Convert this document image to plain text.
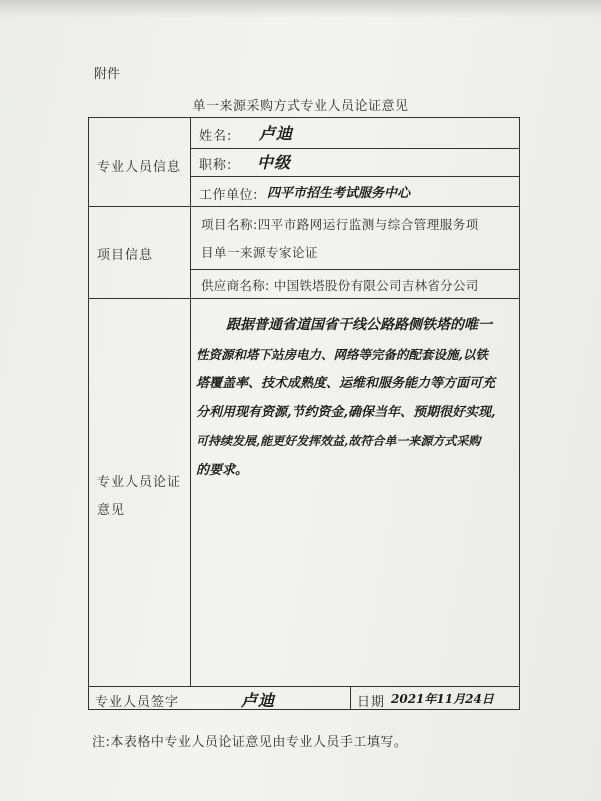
附件
单一来源采购方式专业人员论证意见
专业人员信息
姓名: 卢迪
职称: 中级
工作单位: 四平市招生考试服务中心
项目信息
项目名称:四平市路网运行监测与综合管理服务项
目单一来源专家论证
供应商名称: 中国铁塔股份有限公司吉林省分公司
专业人员论证
意见
专业人员签字	卢迪	日期 2021年11月24日
跟据普通省道国省干线公路路侧铁塔的唯一
性资源和塔下站房电力、网络等完备的配套设施,以铁
塔覆盖率、技术成熟度、运维和服务能力等方面可充
分利用现有资源,节约资金,确保当年、预期很好实现,
可持续发展,能更好发挥效益,故符合单一来源方式采购
的要求。
注:本表格中专业人员论证意见由专业人员手工填写。
